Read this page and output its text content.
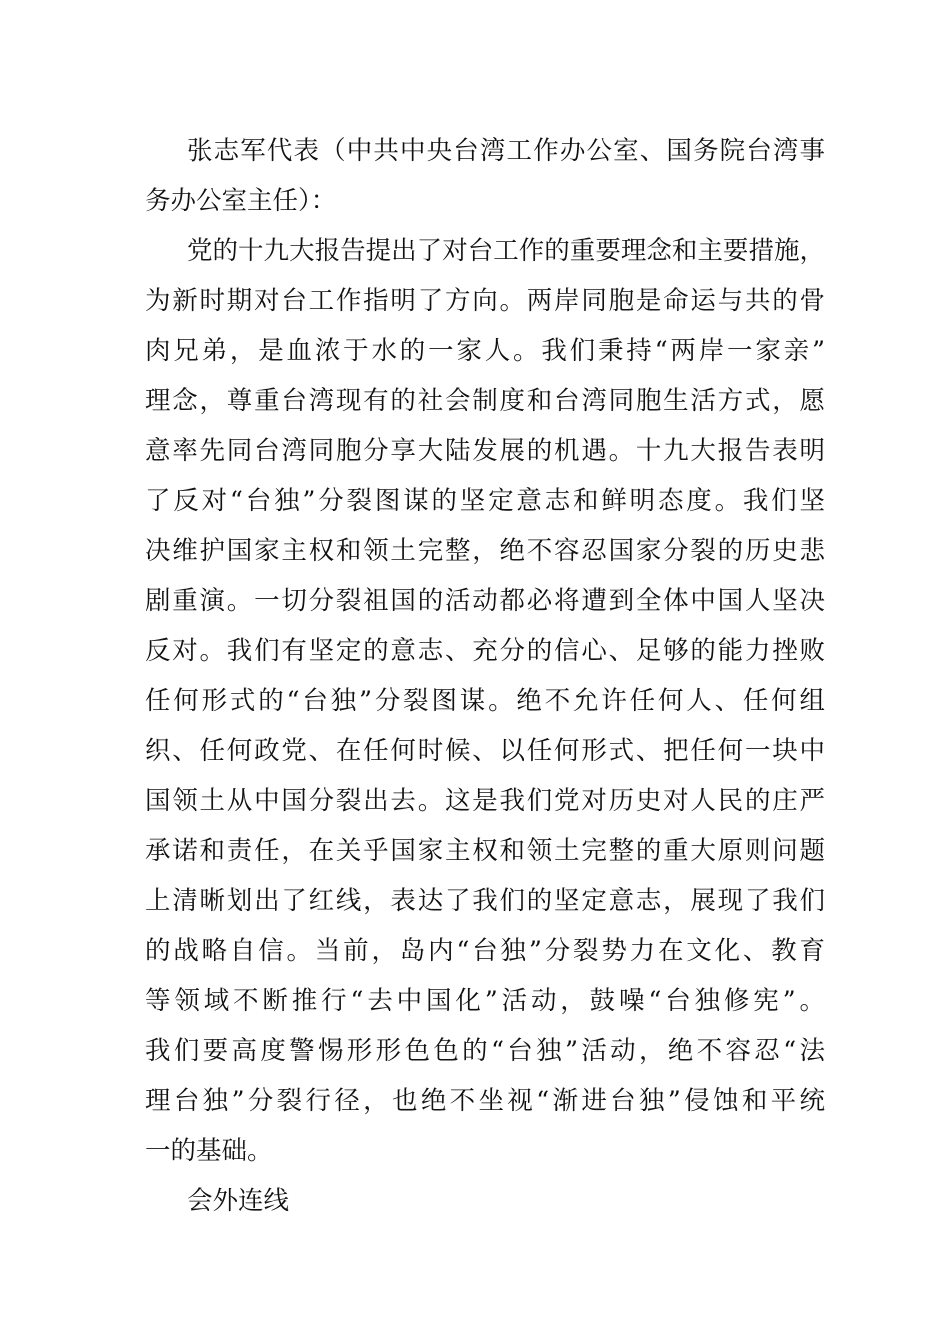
张志军代表（中共中央台湾工作办公室、国务院台湾事
务办公室主任）：

党的十九大报告提出了对台工作的重要理念和主要措施，
为新时期对台工作指明了方向。两岸同胞是命运与共的骨
肉兄弟，是血浓于水的一家人。我们秉持“两岸一家亲”
理念，尊重台湾现有的社会制度和台湾同胞生活方式，愿
意率先同台湾同胞分享大陆发展的机遇。十九大报告表明
了反对“台独”分裂图谋的坚定意志和鲜明态度。我们坚
决维护国家主权和领土完整，绝不容忍国家分裂的历史悲
剧重演。一切分裂祖国的活动都必将遭到全体中国人坚决
反对。我们有坚定的意志、充分的信心、足够的能力挫败
任何形式的“台独”分裂图谋。绝不允许任何人、任何组
织、任何政党、在任何时候、以任何形式、把任何一块中
国领土从中国分裂出去。这是我们党对历史对人民的庄严
承诺和责任，在关乎国家主权和领土完整的重大原则问题
上清晰划出了红线，表达了我们的坚定意志，展现了我们
的战略自信。当前，岛内“台独”分裂势力在文化、教育
等领域不断推行“去中国化”活动，鼓噪“台独修宪”。
我们要高度警惕形形色色的“台独”活动，绝不容忍“法
理台独”分裂行径，也绝不坐视“渐进台独”侵蚀和平统
一的基础。

会外连线
